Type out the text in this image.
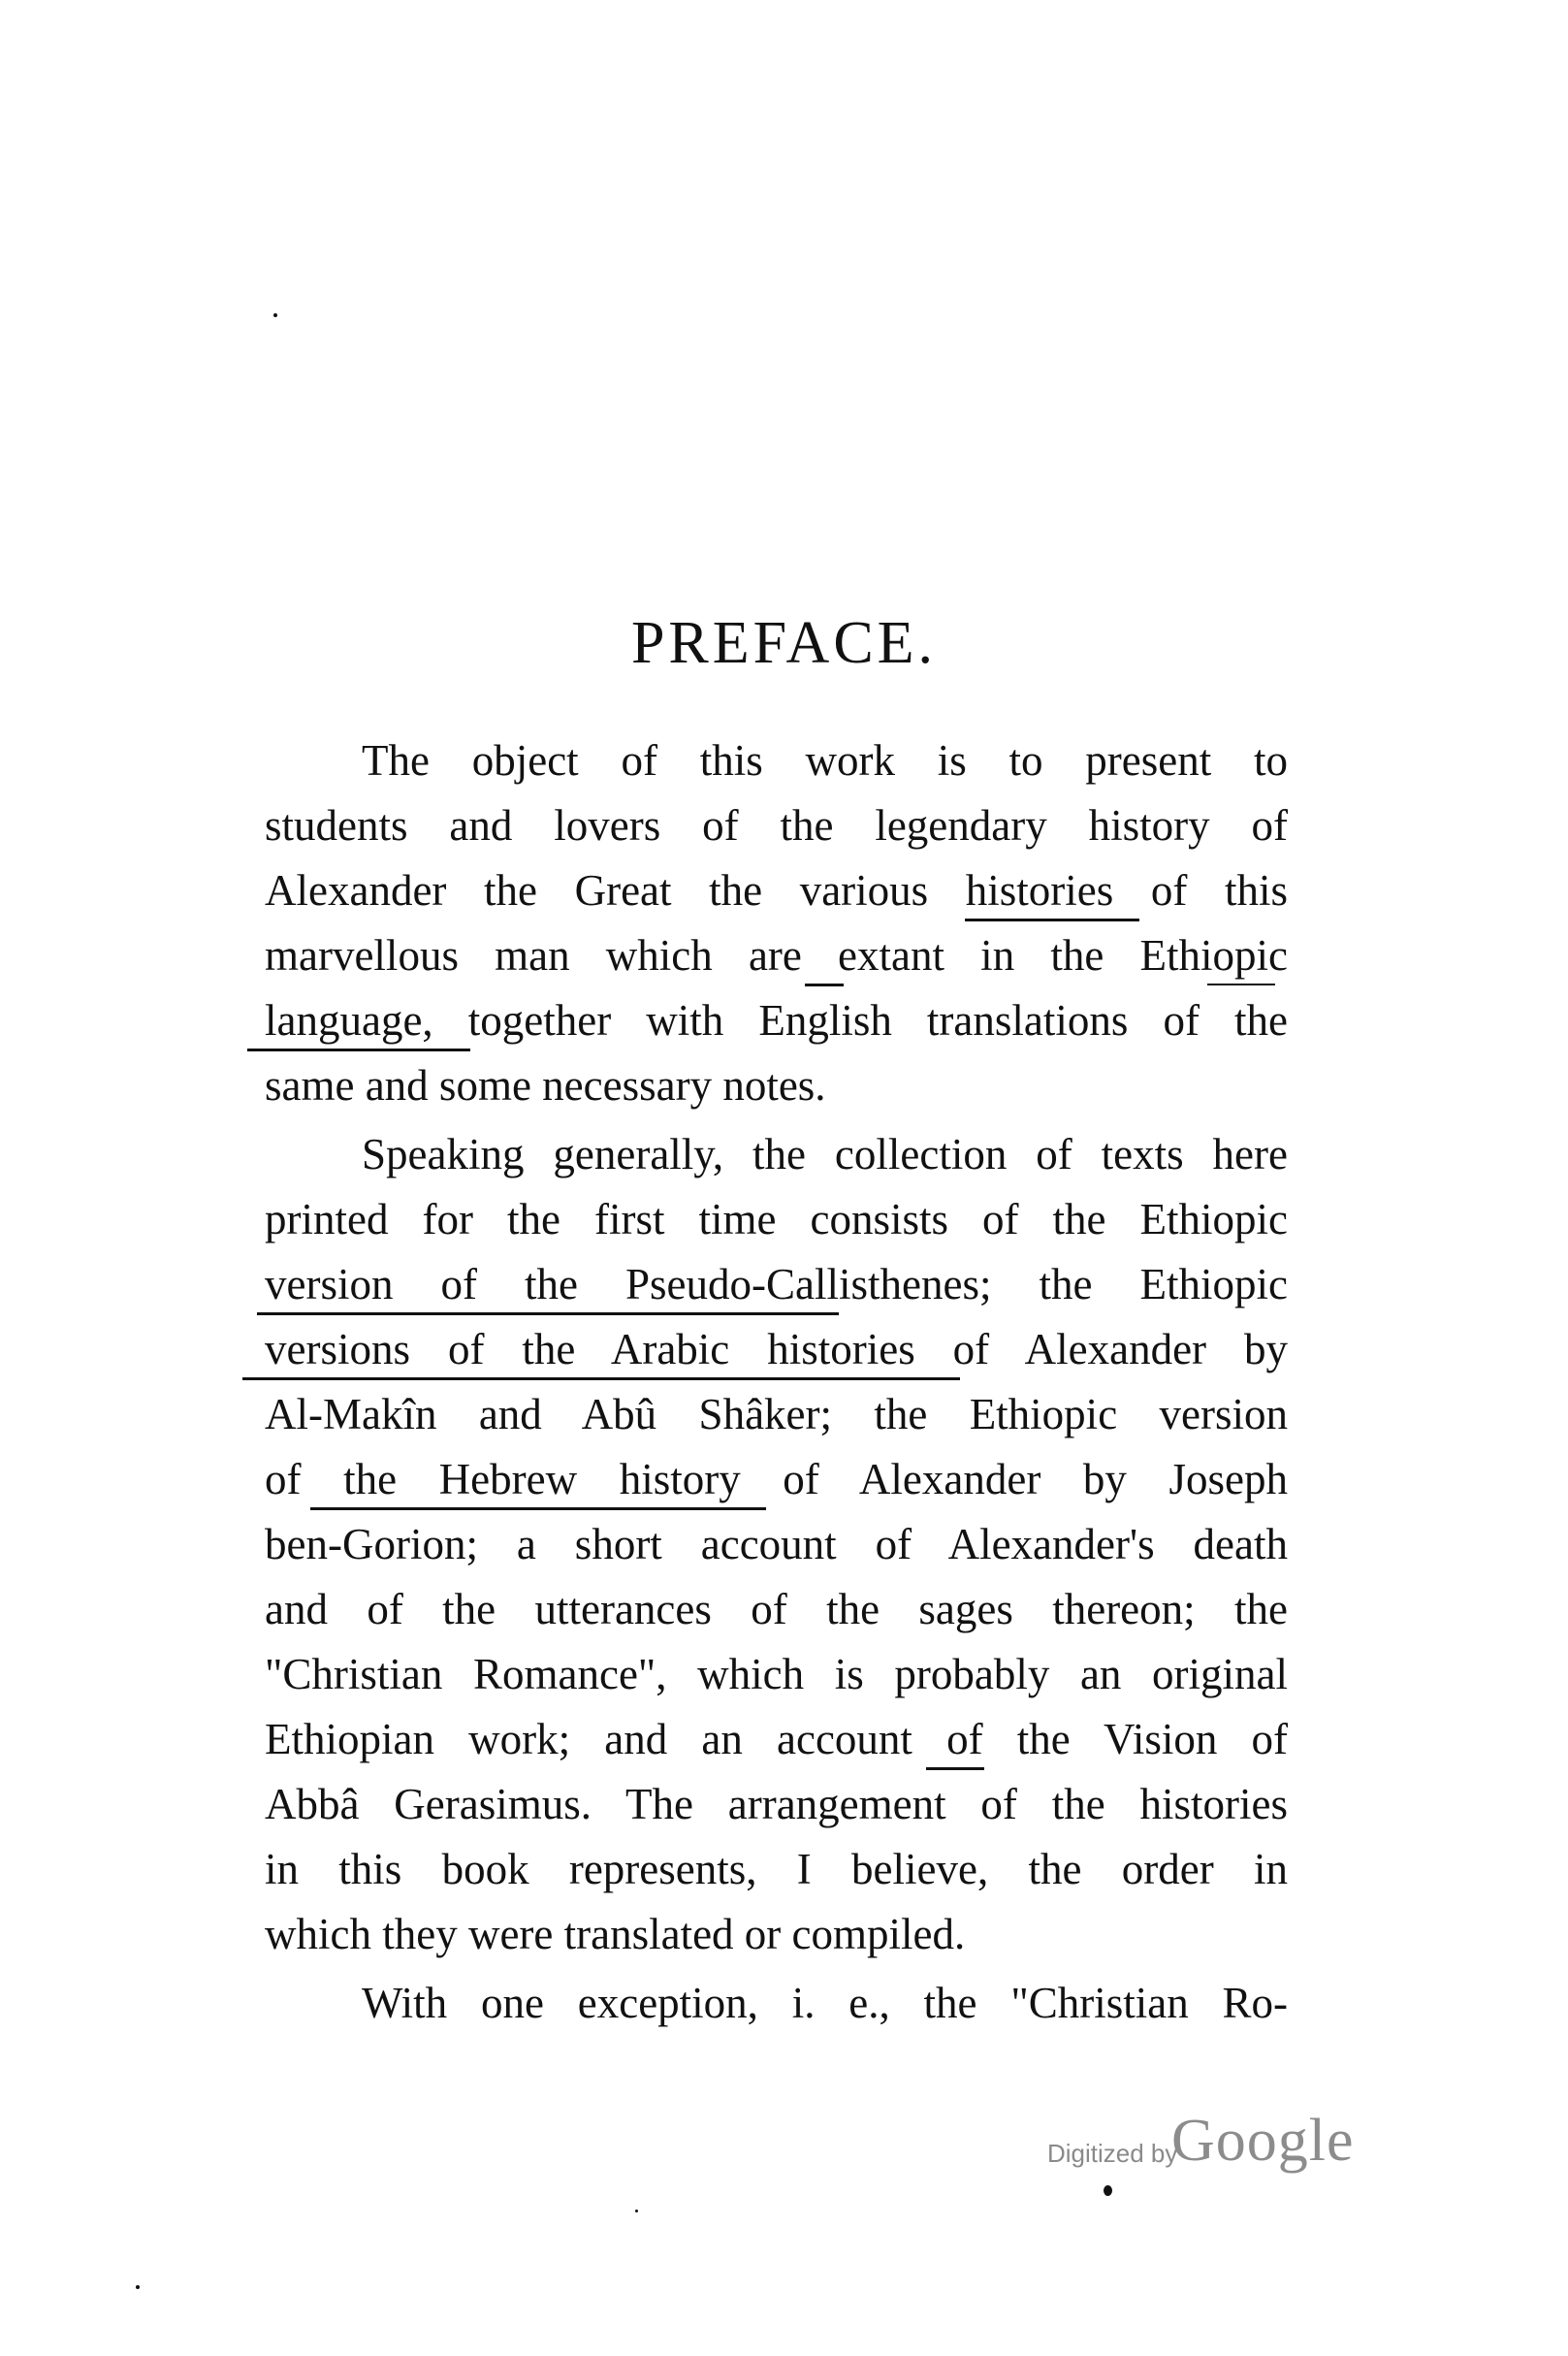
PREFACE.
The object of this work is to present to
students and lovers of the legendary history of
Alexander the Great the various histories of this
marvellous man which are extant in the Ethiopic
language, together with English translations of the
same and some necessary notes.
Speaking generally, the collection of texts here
printed for the first time consists of the Ethiopic
version of the Pseudo-Callisthenes; the Ethiopic
versions of the Arabic histories of Alexander by
Al-Makîn and Abû Shâker; the Ethiopic version
of the Hebrew history of Alexander by Joseph
ben-Gorion; a short account of Alexander's death
and of the utterances of the sages thereon; the
"Christian Romance", which is probably an original
Ethiopian work; and an account of the Vision of
Abbâ Gerasimus. The arrangement of the histories
in this book represents, I believe, the order in
which they were translated or compiled.
With one exception, i. e., the "Christian Ro-
Digitized by
Google
